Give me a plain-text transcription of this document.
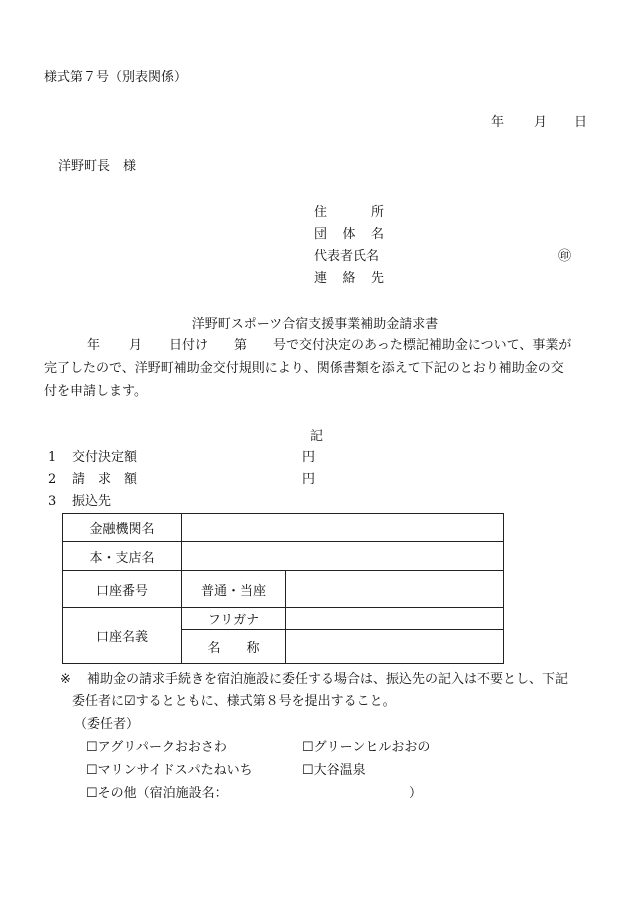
様式第７号（別表関係）
年 月 日
洋野町長　様
住所
団体名
代表者氏名	㊞
連絡先
洋野町スポーツ合宿支援事業補助金請求書
年 月 日付け 第 号で交付決定のあった標記補助金について、事業が
完了したので、洋野町補助金交付規則により、関係書類を添えて下記のとおり補助金の交
付を申請します。
記
1 交付決定額	円
2 請求額	円
3 振込先
金融機関名		
本・支店名		
口座番号	普通・当座	
口座名義	フリガナ	
	名称	
※ 補助金の請求手続きを宿泊施設に委任する場合は、振込先の記入は不要とし、下記
委任者に☑するとともに、様式第８号を提出すること。
（委任者）
☐アグリパークおおさわ	☐グリーンヒルおおの
☐マリンサイドスパたねいち	☐大谷温泉
☐その他（宿泊施設名：	）
